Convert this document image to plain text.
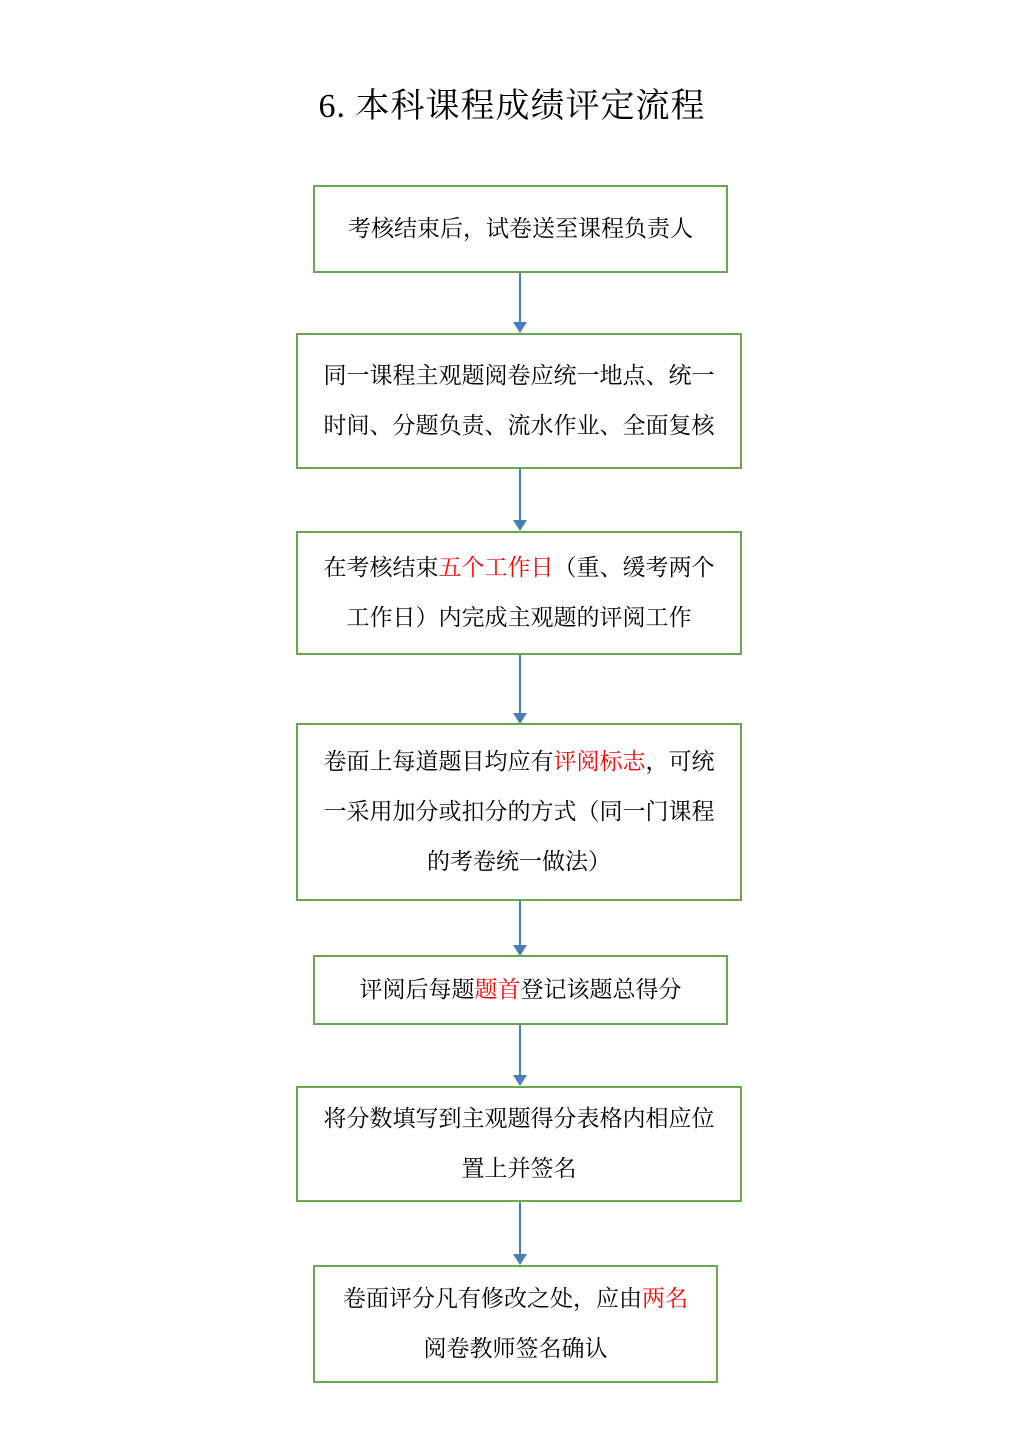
6. 本科课程成绩评定流程
考核结束后，试卷送至课程负责人
同一课程主观题阅卷应统一地点、统一
时间、分题负责、流水作业、全面复核
在考核结束五个工作日（重、缓考两个
工作日）内完成主观题的评阅工作
卷面上每道题目均应有评阅标志，可统
一采用加分或扣分的方式（同一门课程
的考卷统一做法）
评阅后每题题首登记该题总得分
将分数填写到主观题得分表格内相应位
置上并签名
卷面评分凡有修改之处，应由两名
阅卷教师签名确认
